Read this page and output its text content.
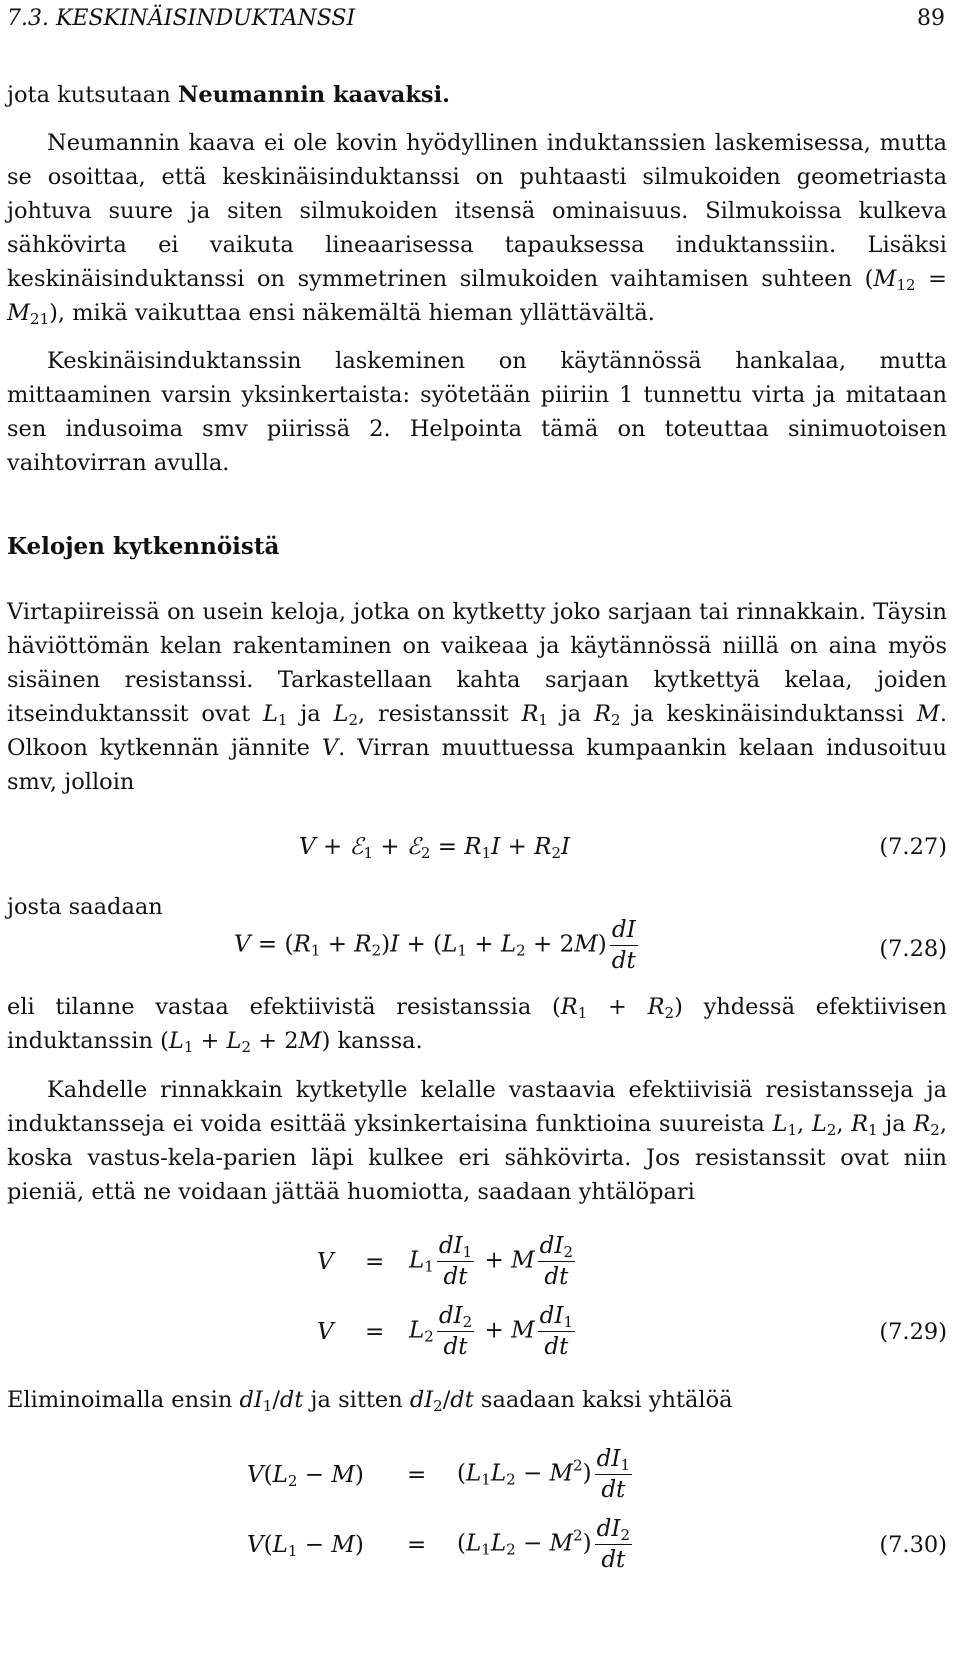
7.3. KESKINÄISINDUKTANSSI	89

jota kutsutaan Neumannin kaavaksi.

Neumannin kaava ei ole kovin hyödyllinen induktanssien laskemisessa, mutta se osoittaa, että keskinäisinduktanssi on puhtaasti silmukoiden geometriasta johtuva suure ja siten silmukoiden itsensä ominaisuus. Silmukoissa kulkeva sähkövirta ei vaikuta lineaarisessa tapauksessa induktanssiin. Lisäksi keskinäisinduktanssi on symmetrinen silmukoiden vaihtamisen suhteen $(M_{12} = M_{21})$, mikä vaikuttaa ensi näkemältä hieman yllättävältä.

Keskinäisinduktanssin laskeminen on käytännössä hankalaa, mutta mittaaminen varsin yksinkertaista: syötetään piiriin 1 tunnettu virta ja mitataan sen indusoima smv piirissä 2. Helpointa tämä on toteuttaa sinimuotoisen vaihtovirran avulla.

Kelojen kytkennöistä

Virtapiireissä on usein keloja, jotka on kytketty joko sarjaan tai rinnakkain. Täysin häviöttömän kelan rakentaminen on vaikeaa ja käytännössä niillä on aina myös sisäinen resistanssi. Tarkastellaan kahta sarjaan kytkettyä kelaa, joiden itseinduktanssit ovat $L_1$ ja $L_2$, resistanssit $R_1$ ja $R_2$ ja keskinäisinduktanssi M. Olkoon kytkennän jännite V. Virran muuttuessa kumpaankin kelaan indusoituu smv, jolloin

V + ℰ$_1$ + ℰ$_2$ = $R_1I + R_2I$	(7.27)

josta saadaan

$V = (R_1 + R_2)I + (L_1 + L_2 + 2M) \frac{dI}{dt}$	(7.28)

eli tilanne vastaa efektiivistä resistanssia $(R_1 + R_2)$ yhdessä efektiivisen induktanssin $(L_1 + L_2 + 2M)$ kanssa.

Kahdelle rinnakkain kytketylle kelalle vastaavia efektiivisiä resistansseja ja induktansseja ei voida esittää yksinkertaisina funktioina suureista $L_1$, $L_2$, $R_1$ ja $R_2$, koska vastus-kela-parien läpi kulkee eri sähkövirta. Jos resistanssit ovat niin pieniä, että ne voidaan jättää huomiotta, saadaan yhtälöpari

$V = L_1 \frac{dI_1}{dt} + M \frac{dI_2}{dt}$
$V = L_2 \frac{dI_2}{dt} + M \frac{dI_1}{dt}$	(7.29)

Eliminoimalla ensin $dI_1/dt$ ja sitten $dI_2/dt$ saadaan kaksi yhtälöä

$V(L_2 - M) = (L_1L_2 - M^2) \frac{dI_1}{dt}$
$V(L_1 - M) = (L_1L_2 - M^2) \frac{dI_2}{dt}$	(7.30)
